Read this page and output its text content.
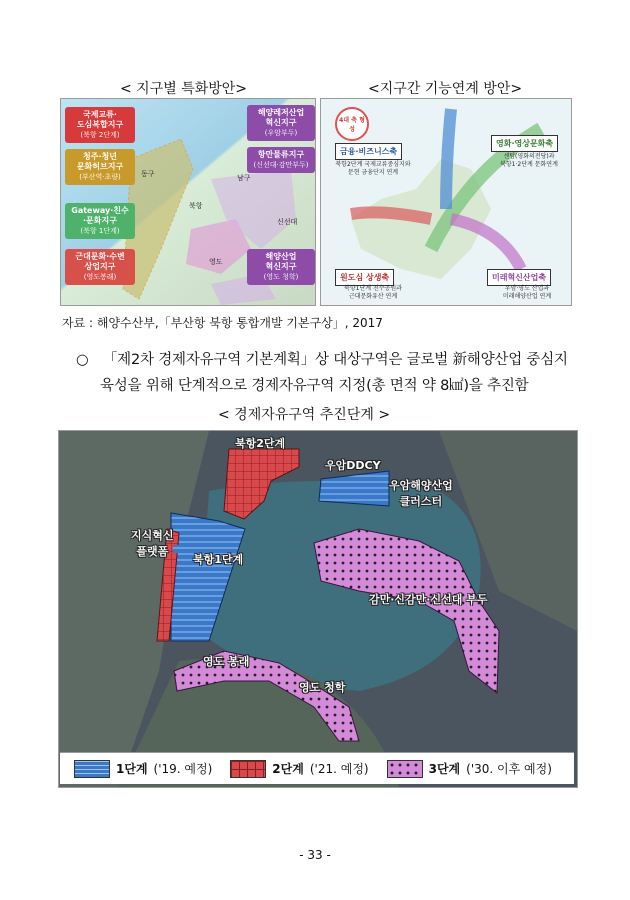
< 지구별 특화방안>	<지구간 기능연계 방안>
국제교류·
도심복합지구
(북항 2단계)
청주·청년
문화허브지구
(부산역·초량)
Gateway·친수
·문화지구
(북항 1단계)
근대문화·수변
상업지구
(영도봉래)
해양레저산업
혁신지구
(우암부두)
항만물류지구
(신선대·감만부두)
해양산업
혁신지구
(영도 청학)
동구
북항
남구
영도
신선대
4대 축 형성
금융·비즈니스축
북항2단계 국제교류중심지와
문현 금융단지 연계
영화·영상문화축
센텀(영화의전당)과
북항1·2단계 문화연계
원도심 상생축
북항1단계 친수공원과
근대문화유산 연계
미래혁신산업축
우암·영도 산업과
미래해양산업 연계
자료 : 해양수산부,「부산항 북항 통합개발 기본구상」, 2017
○ 「제2차 경제자유구역 기본계획」상 대상구역은 글로벌 新해양산업 중심지
육성을 위해 단계적으로 경제자유구역 지정(총 면적 약 8㎢)을 추진함
< 경제자유구역 추진단계 >
북항2단계
우암DDCY
우암해양산업
클러스터
지식혁신
플랫폼
북항1단계
감만·신감만·신선대 부두
영도 봉래
영도 청학
1단계 ('19. 예정)	2단계 ('21. 예정)	3단계 ('30. 이후 예정)
- 33 -
